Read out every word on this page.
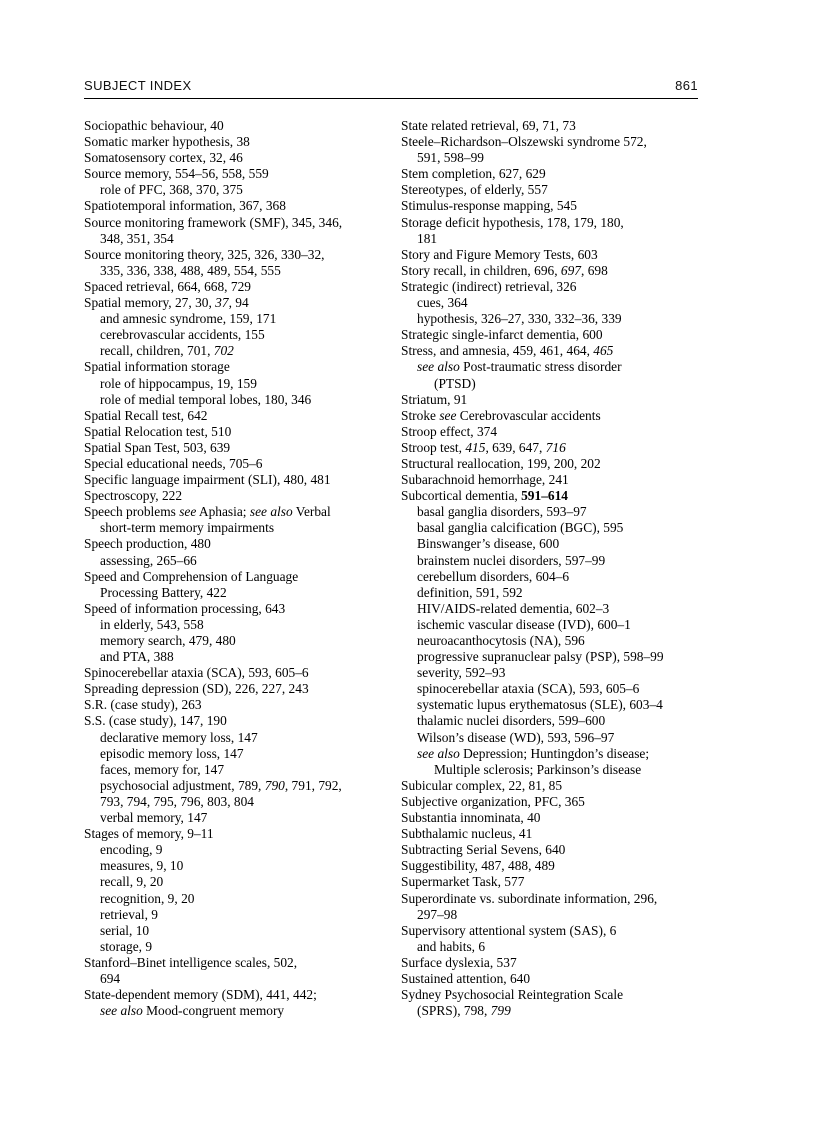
SUBJECT INDEX	861
Sociopathic behaviour, 40
Somatic marker hypothesis, 38
Somatosensory cortex, 32, 46
Source memory, 554–56, 558, 559
role of PFC, 368, 370, 375
Spatiotemporal information, 367, 368
Source monitoring framework (SMF), 345, 346,
348, 351, 354
Source monitoring theory, 325, 326, 330–32,
335, 336, 338, 488, 489, 554, 555
Spaced retrieval, 664, 668, 729
Spatial memory, 27, 30, 37, 94
and amnesic syndrome, 159, 171
cerebrovascular accidents, 155
recall, children, 701, 702
Spatial information storage
role of hippocampus, 19, 159
role of medial temporal lobes, 180, 346
Spatial Recall test, 642
Spatial Relocation test, 510
Spatial Span Test, 503, 639
Special educational needs, 705–6
Specific language impairment (SLI), 480, 481
Spectroscopy, 222
Speech problems see Aphasia; see also Verbal
short-term memory impairments
Speech production, 480
assessing, 265–66
Speed and Comprehension of Language
Processing Battery, 422
Speed of information processing, 643
in elderly, 543, 558
memory search, 479, 480
and PTA, 388
Spinocerebellar ataxia (SCA), 593, 605–6
Spreading depression (SD), 226, 227, 243
S.R. (case study), 263
S.S. (case study), 147, 190
declarative memory loss, 147
episodic memory loss, 147
faces, memory for, 147
psychosocial adjustment, 789, 790, 791, 792,
793, 794, 795, 796, 803, 804
verbal memory, 147
Stages of memory, 9–11
encoding, 9
measures, 9, 10
recall, 9, 20
recognition, 9, 20
retrieval, 9
serial, 10
storage, 9
Stanford–Binet intelligence scales, 502,
694
State-dependent memory (SDM), 441, 442;
see also Mood-congruent memory
State related retrieval, 69, 71, 73
Steele–Richardson–Olszewski syndrome 572,
591, 598–99
Stem completion, 627, 629
Stereotypes, of elderly, 557
Stimulus-response mapping, 545
Storage deficit hypothesis, 178, 179, 180,
181
Story and Figure Memory Tests, 603
Story recall, in children, 696, 697, 698
Strategic (indirect) retrieval, 326
cues, 364
hypothesis, 326–27, 330, 332–36, 339
Strategic single-infarct dementia, 600
Stress, and amnesia, 459, 461, 464, 465
see also Post-traumatic stress disorder
(PTSD)
Striatum, 91
Stroke see Cerebrovascular accidents
Stroop effect, 374
Stroop test, 415, 639, 647, 716
Structural reallocation, 199, 200, 202
Subarachnoid hemorrhage, 241
Subcortical dementia, 591–614
basal ganglia disorders, 593–97
basal ganglia calcification (BGC), 595
Binswanger’s disease, 600
brainstem nuclei disorders, 597–99
cerebellum disorders, 604–6
definition, 591, 592
HIV/AIDS-related dementia, 602–3
ischemic vascular disease (IVD), 600–1
neuroacanthocytosis (NA), 596
progressive supranuclear palsy (PSP), 598–99
severity, 592–93
spinocerebellar ataxia (SCA), 593, 605–6
systematic lupus erythematosus (SLE), 603–4
thalamic nuclei disorders, 599–600
Wilson’s disease (WD), 593, 596–97
see also Depression; Huntingdon’s disease;
Multiple sclerosis; Parkinson’s disease
Subicular complex, 22, 81, 85
Subjective organization, PFC, 365
Substantia innominata, 40
Subthalamic nucleus, 41
Subtracting Serial Sevens, 640
Suggestibility, 487, 488, 489
Supermarket Task, 577
Superordinate vs. subordinate information, 296,
297–98
Supervisory attentional system (SAS), 6
and habits, 6
Surface dyslexia, 537
Sustained attention, 640
Sydney Psychosocial Reintegration Scale
(SPRS), 798, 799
